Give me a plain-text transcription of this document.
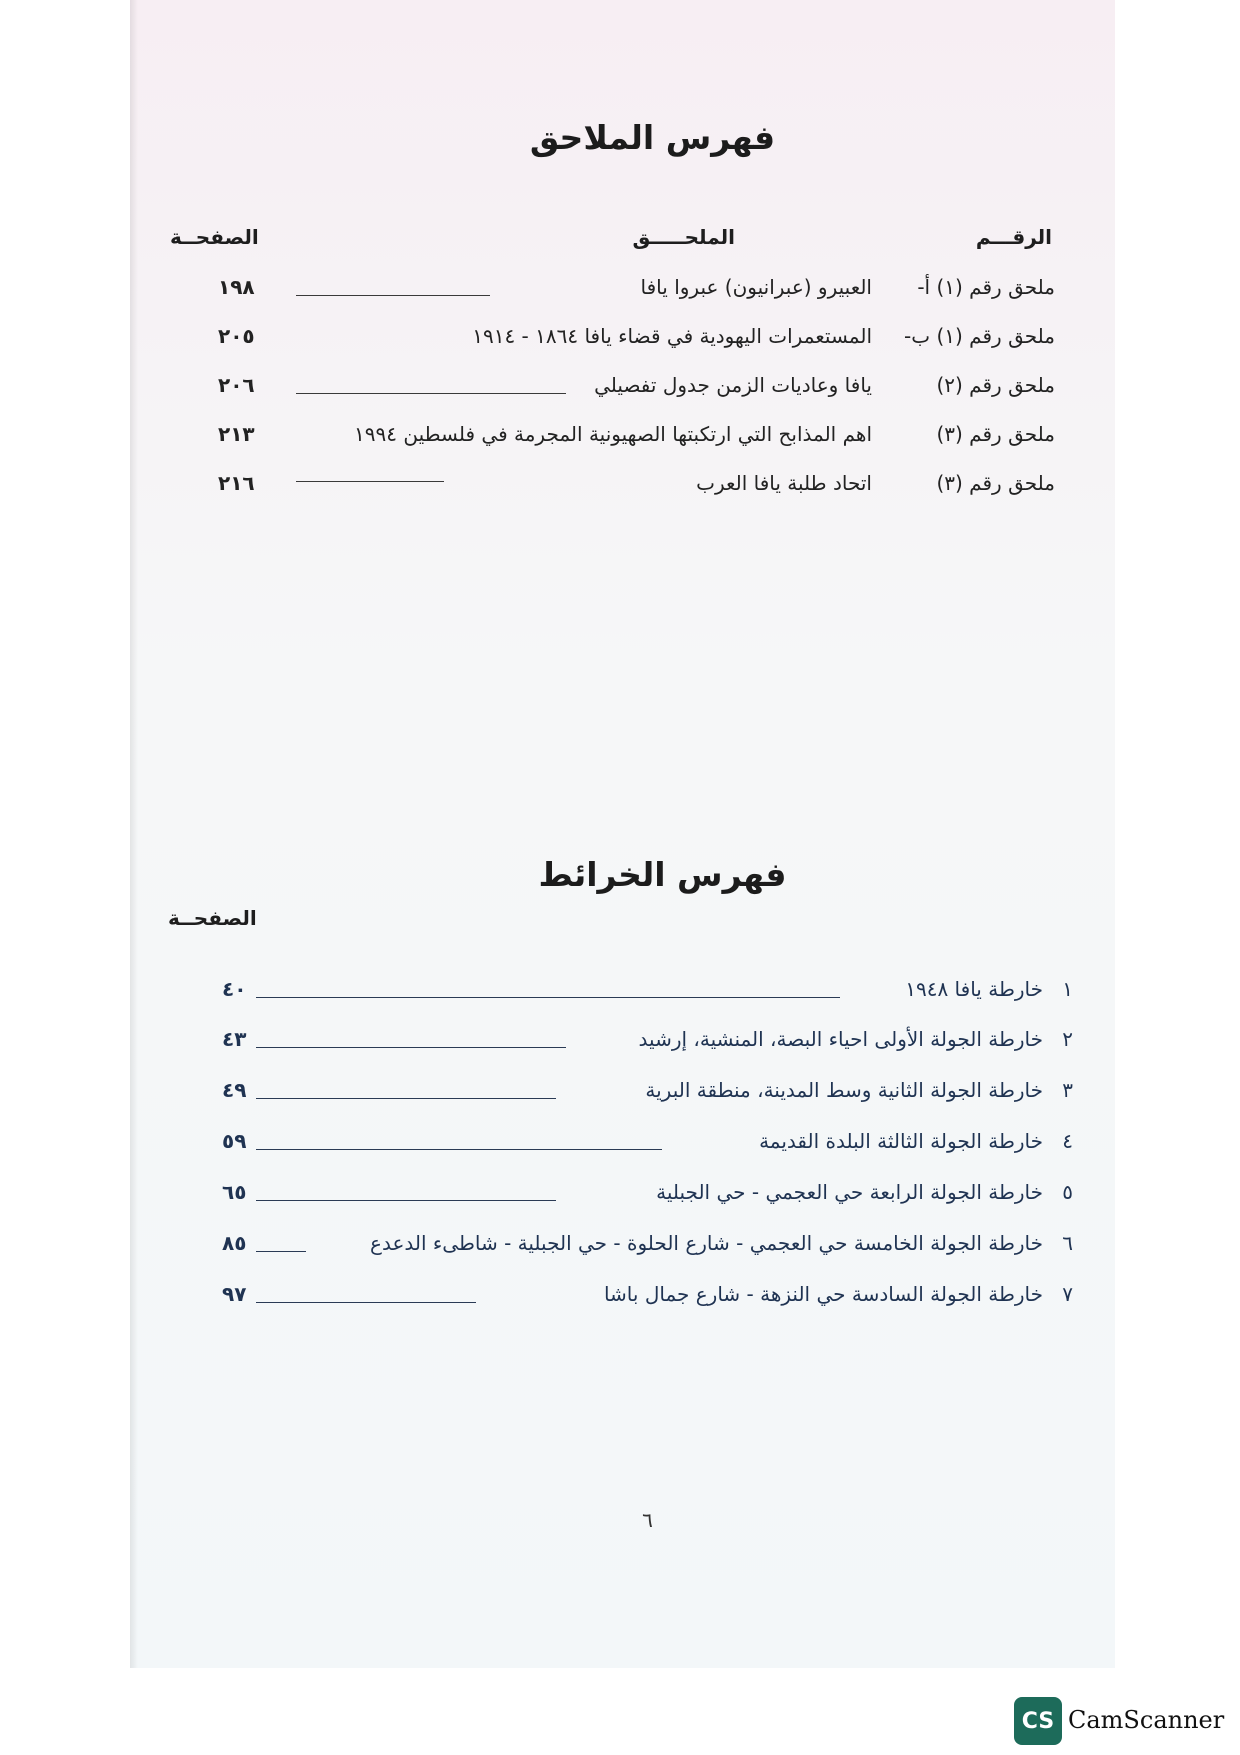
فهرس الملاحق
الرقـــم
الملحـــــق
الصفحــة
ملحق رقم (١) أ-
العبيرو (عبرانيون) عبروا يافا
١٩٨
ملحق رقم (١) ب-
المستعمرات اليهودية في قضاء يافا ١٨٦٤ - ١٩١٤
٢٠٥
ملحق رقم (٢)
يافا وعاديات الزمن جدول تفصيلي
٢٠٦
ملحق رقم (٣)
اهم المذابح التي ارتكبتها الصهيونية المجرمة في فلسطين ١٩٩٤
٢١٣
ملحق رقم (٣)
اتحاد طلبة يافا العرب
٢١٦
فهرس الخرائط
الصفحــة
١
خارطة يافا ١٩٤٨
٤٠
٢
خارطة الجولة الأولى احياء البصة، المنشية، إرشيد
٤٣
٣
خارطة الجولة الثانية وسط المدينة، منطقة البرية
٤٩
٤
خارطة الجولة الثالثة البلدة القديمة
٥٩
٥
خارطة الجولة الرابعة حي العجمي - حي الجبلية
٦٥
٦
خارطة الجولة الخامسة حي العجمي - شارع الحلوة - حي الجبلية - شاطىء الدعدع
٨٥
٧
خارطة الجولة السادسة حي النزهة - شارع جمال باشا
٩٧
٦
CS CamScanner
